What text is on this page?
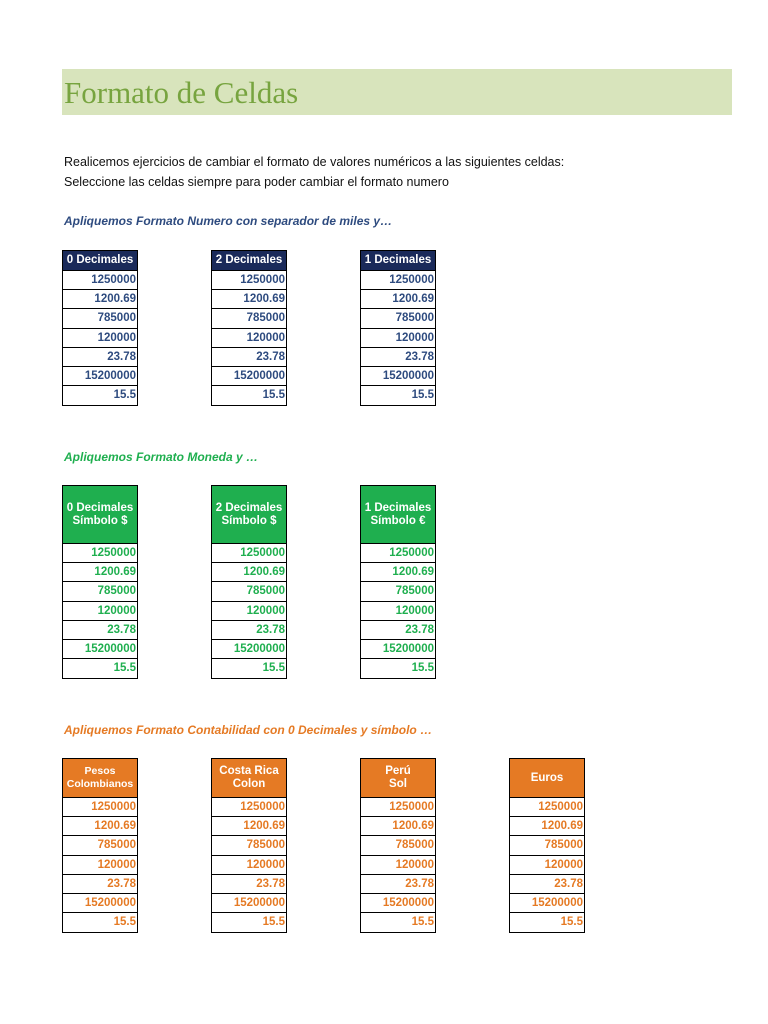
Formato de Celdas
Realicemos ejercicios de cambiar el formato de valores numéricos a las siguientes celdas:
Seleccione las celdas siempre para poder cambiar el formato numero
Apliquemos Formato Numero con separador de miles y…
Apliquemos Formato Moneda y …
Apliquemos Formato Contabilidad con 0 Decimales y símbolo …
0 Decimales
1250000
1200.69
785000
120000
23.78
15200000
15.5
2 Decimales
1250000
1200.69
785000
120000
23.78
15200000
15.5
1 Decimales
1250000
1200.69
785000
120000
23.78
15200000
15.5
0 Decimales
Símbolo $
1250000
1200.69
785000
120000
23.78
15200000
15.5
2 Decimales
Símbolo $
1250000
1200.69
785000
120000
23.78
15200000
15.5
1 Decimales
Símbolo €
1250000
1200.69
785000
120000
23.78
15200000
15.5
Pesos
Colombianos
1250000
1200.69
785000
120000
23.78
15200000
15.5
Costa Rica
Colon
1250000
1200.69
785000
120000
23.78
15200000
15.5
Perú
Sol
1250000
1200.69
785000
120000
23.78
15200000
15.5
Euros
1250000
1200.69
785000
120000
23.78
15200000
15.5
